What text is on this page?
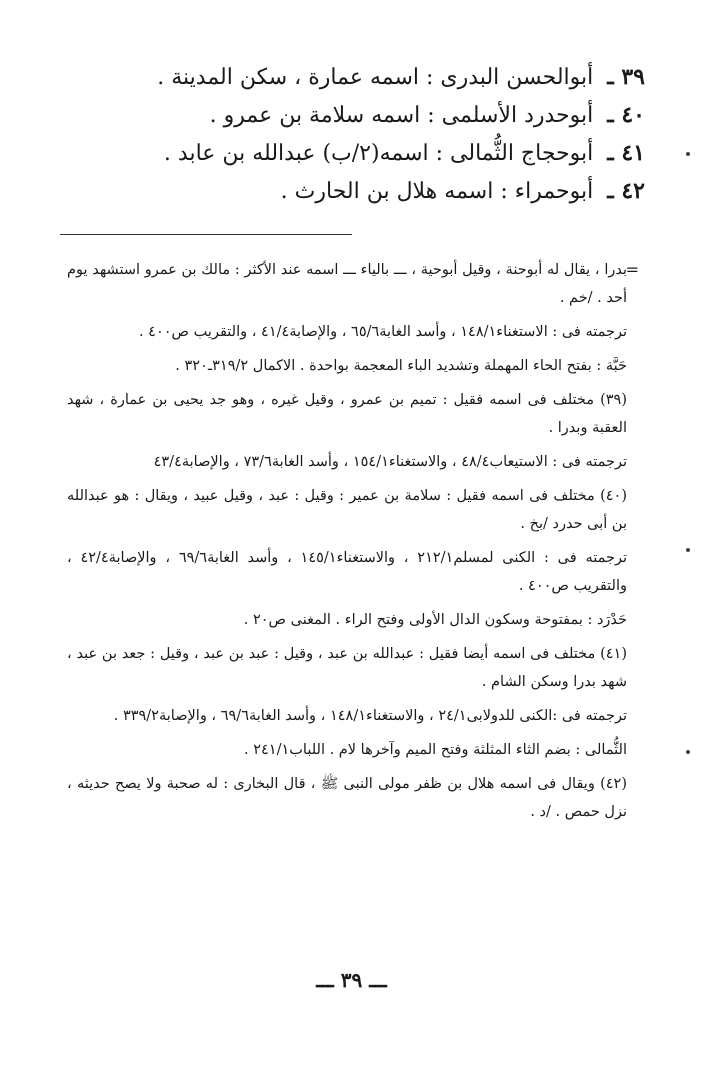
٣٩ ـأبوالحسن البدرى : اسمه عمارة ، سكن المدينة .
٤٠ ـأبوحدرد الأسلمى : اسمه سلامة بن عمرو .
٤١ ـأبوحجاج الثُّمالى : اسمه(٢/ب) عبدالله بن عابد .
٤٢ ـأبوحمراء : اسمه هلال بن الحارث .
=

بدرا ، يقال له أبوحنة ، وقيل أبوحية ، ـــ بالياء ـــ اسمه عند الأكثر : مالك بن عمرو استشهد يوم أحد . /خم .

ترجمته فى : الاستغناء١٤٨/١ ، وأسد الغابة٦٥/٦ ، والإصابة٤١/٤ ، والتقريب ص٤٠٠ .

حَبَّة : بفتح الحاء المهملة وتشديد الباء المعجمة بواحدة . الاكمال ٣١٩/٢ـ٣٢٠ .

(٣٩) مختلف فى اسمه فقيل : تميم بن عمرو ، وقيل غيره ، وهو جد يحيى بن عمارة ، شهد العقبة وبدرا .

ترجمته فى : الاستيعاب٤٨/٤ ، والاستغناء١٥٤/١ ، وأسد الغابة٧٣/٦ ، والإصابة٤٣/٤

(٤٠) مختلف فى اسمه فقيل : سلامة بن عمير : وقيل : عبد ، وقيل عبيد ، ويقال : هو عبدالله بن أبى حدرد /بخ .

ترجمته فى : الكنى لمسلم٢١٢/١ ، والاستغناء١٤٥/١ ، وأسد الغابة٦٩/٦ ، والإصابة٤٢/٤ ، والتقريب ص٤٠٠ .

حَدْرَد : بمفتوحة وسكون الدال الأولى وفتح الراء . المغنى ص٢٠ .

(٤١) مختلف فى اسمه أيضا فقيل : عبدالله بن عبد ، وقيل : عبد بن عبد ، وقيل : جعد بن عبد ، شهد بدرا وسكن الشام .

ترجمته فى :الكنى للدولابى٢٤/١ ، والاستغناء١٤٨/١ ، وأسد الغابة٦٩/٦ ، والإصابة٣٣٩/٢ .

الثُّمالى : بضم الثاء المثلثة وفتح الميم وآخرها لام . اللباب٢٤١/١ .

(٤٢) ويقال فى اسمه هلال بن ظفر مولى النبى ﷺ ، قال البخارى : له صحبة ولا يصح حديثه ، نزل حمص . /د .

ـــ ٣٩ ـــ
